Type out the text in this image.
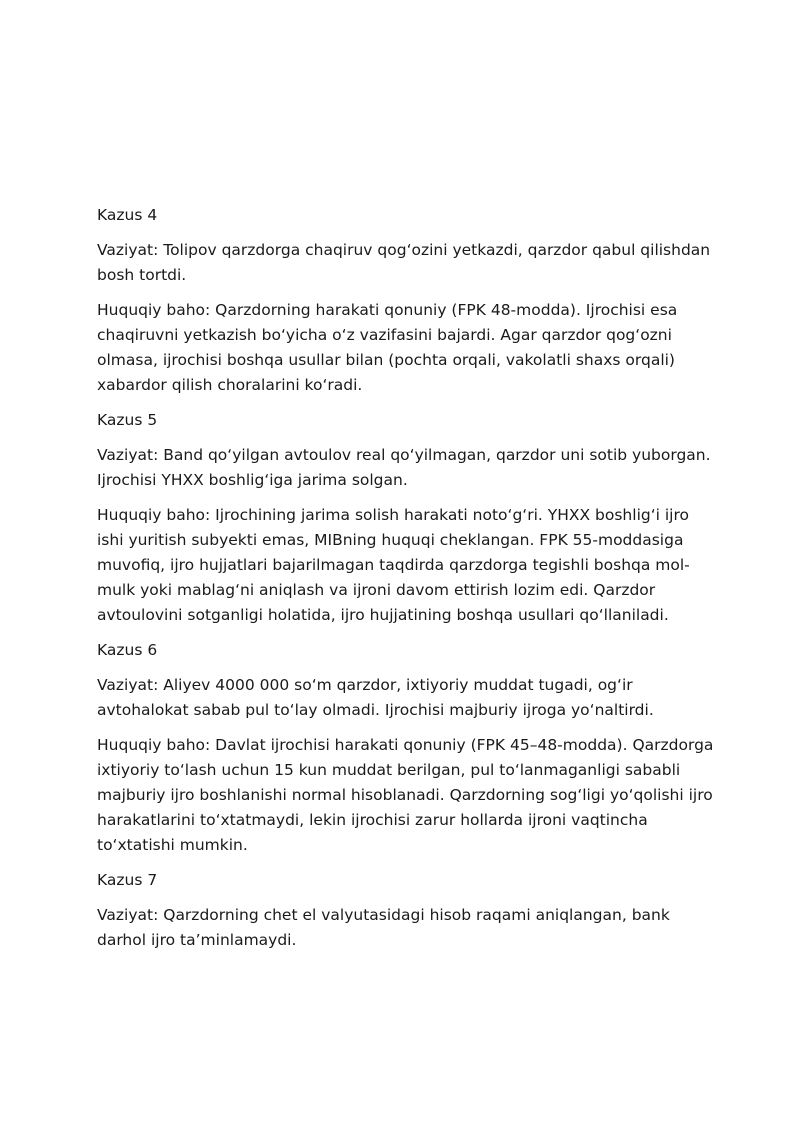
Kazus 4
Vaziyat: Tolipov qarzdorga chaqiruv qog‘ozini yetkazdi, qarzdor qabul qilishdan bosh tortdi.
Huquqiy baho: Qarzdorning harakati qonuniy (FPK 48-modda). Ijrochisi esa chaqiruvni yetkazish bo‘yicha o‘z vazifasini bajardi. Agar qarzdor qog‘ozni olmasa, ijrochisi boshqa usullar bilan (pochta orqali, vakolatli shaxs orqali) xabardor qilish choralarini ko‘radi.
Kazus 5
Vaziyat: Band qo‘yilgan avtoulov real qo‘yilmagan, qarzdor uni sotib yuborgan. Ijrochisi YHXX boshlig‘iga jarima solgan.
Huquqiy baho: Ijrochining jarima solish harakati noto‘g‘ri. YHXX boshlig‘i ijro ishi yuritish subyekti emas, MIBning huquqi cheklangan. FPK 55-moddasiga muvofiq, ijro hujjatlari bajarilmagan taqdirda qarzdorga tegishli boshqa mol-mulk yoki mablag‘ni aniqlash va ijroni davom ettirish lozim edi. Qarzdor avtoulovini sotganligi holatida, ijro hujjatining boshqa usullari qo‘llaniladi.
Kazus 6
Vaziyat: Aliyev 4000 000 so‘m qarzdor, ixtiyoriy muddat tugadi, og‘ir avtohalokat sabab pul to‘lay olmadi. Ijrochisi majburiy ijroga yo‘naltirdi.
Huquqiy baho: Davlat ijrochisi harakati qonuniy (FPK 45–48-modda). Qarzdorga ixtiyoriy to‘lash uchun 15 kun muddat berilgan, pul to‘lanmaganligi sababli majburiy ijro boshlanishi normal hisoblanadi. Qarzdorning sog‘ligi yo‘qolishi ijro harakatlarini to‘xtatmaydi, lekin ijrochisi zarur hollarda ijroni vaqtincha to‘xtatishi mumkin.
Kazus 7
Vaziyat: Qarzdorning chet el valyutasidagi hisob raqami aniqlangan, bank darhol ijro ta’minlamaydi.
